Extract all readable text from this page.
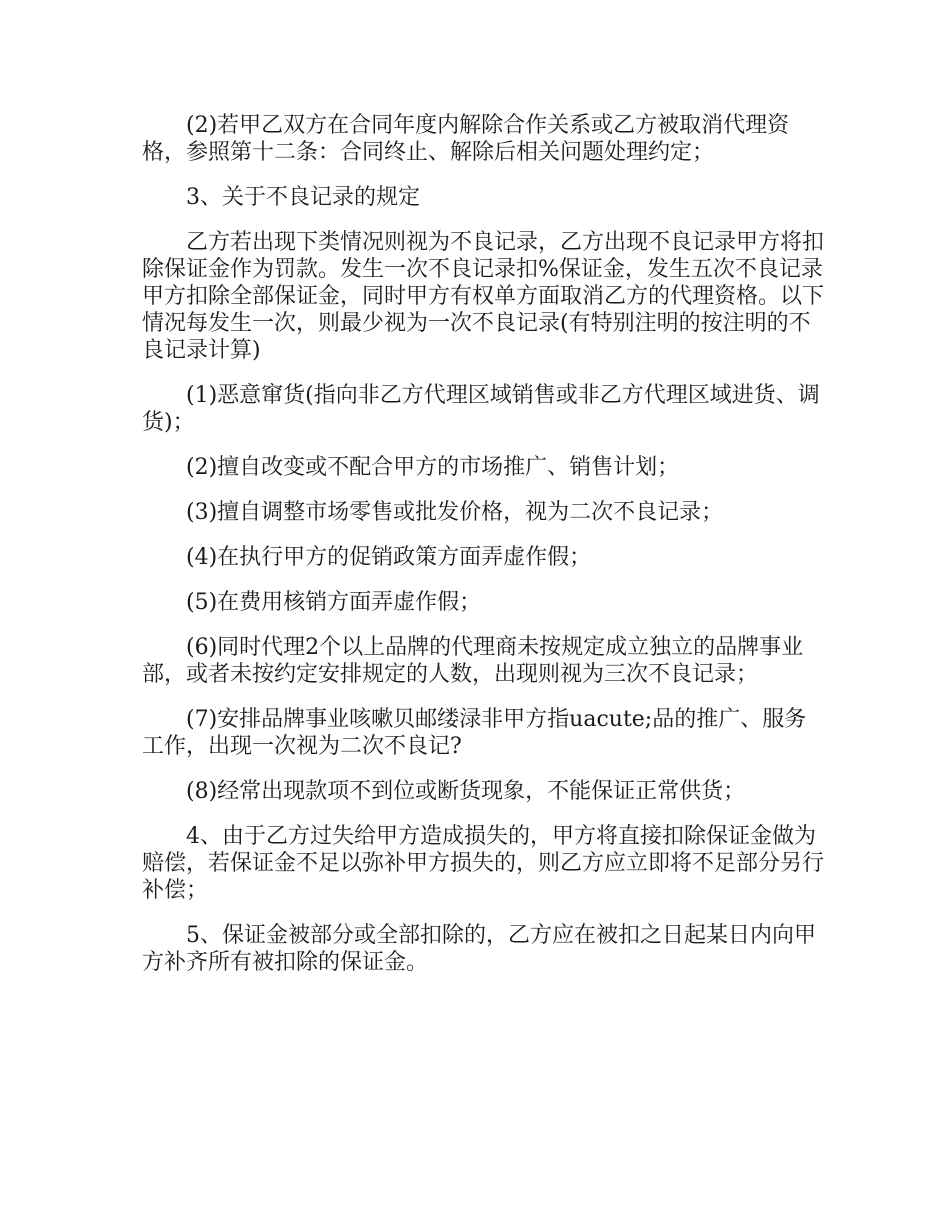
(2)若甲乙双方在合同年度内解除合作关系或乙方被取消代理资格，参照第十二条：合同终止、解除后相关问题处理约定；

3、关于不良记录的规定

乙方若出现下类情况则视为不良记录，乙方出现不良记录甲方将扣除保证金作为罚款。发生一次不良记录扣%保证金，发生五次不良记录甲方扣除全部保证金，同时甲方有权单方面取消乙方的代理资格。以下情况每发生一次，则最少视为一次不良记录(有特别注明的按注明的不良记录计算)

(1)恶意窜货(指向非乙方代理区域销售或非乙方代理区域进货、调货)；

(2)擅自改变或不配合甲方的市场推广、销售计划；

(3)擅自调整市场零售或批发价格，视为二次不良记录；

(4)在执行甲方的促销政策方面弄虚作假；

(5)在费用核销方面弄虚作假；

(6)同时代理2个以上品牌的代理商未按规定成立独立的品牌事业部，或者未按约定安排规定的人数，出现则视为三次不良记录；

(7)安排品牌事业咳嗽贝邮缕渌非甲方指uacute;品的推广、服务工作，出现一次视为二次不良记?

(8)经常出现款项不到位或断货现象，不能保证正常供货；

4、由于乙方过失给甲方造成损失的，甲方将直接扣除保证金做为赔偿，若保证金不足以弥补甲方损失的，则乙方应立即将不足部分另行补偿；

5、保证金被部分或全部扣除的，乙方应在被扣之日起某日内向甲方补齐所有被扣除的保证金。
